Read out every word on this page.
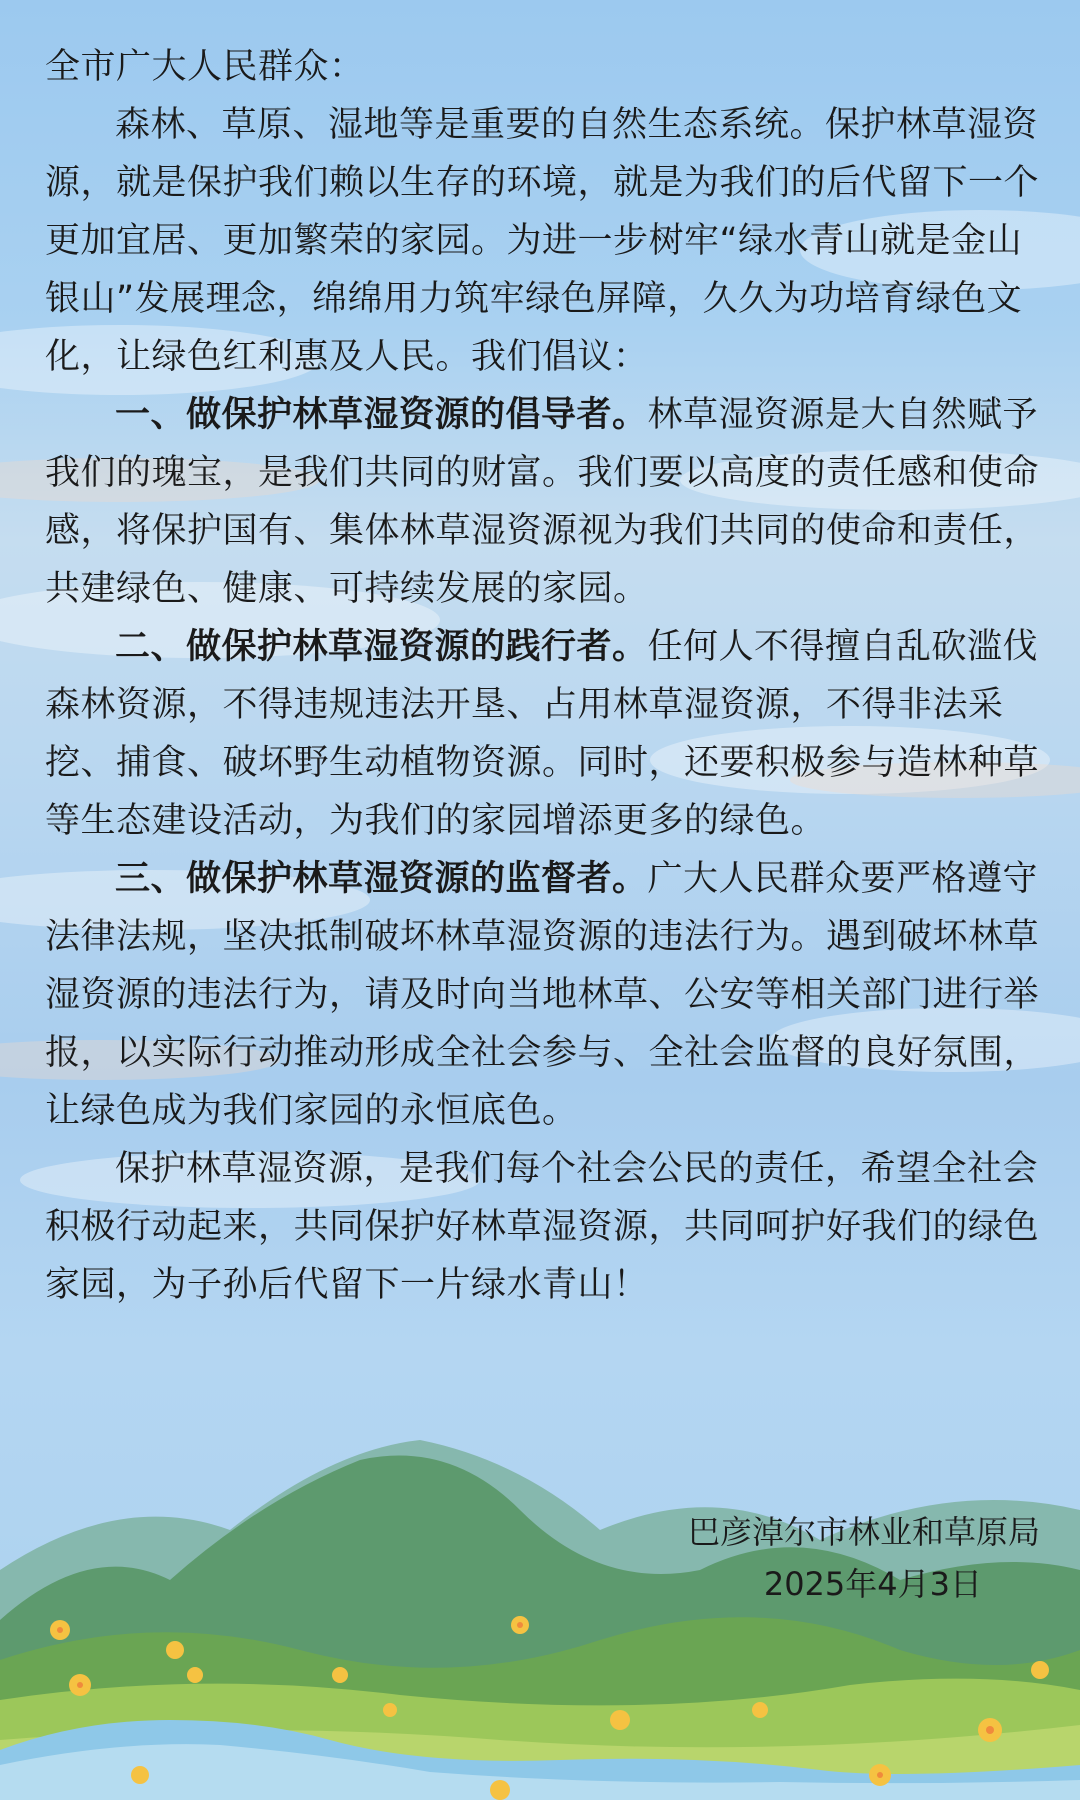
全市广大人民群众：

森林、草原、湿地等是重要的自然生态系统。保护林草湿资源，就是保护我们赖以生存的环境，就是为我们的后代留下一个更加宜居、更加繁荣的家园。为进一步树牢“绿水青山就是金山银山”发展理念，绵绵用力筑牢绿色屏障，久久为功培育绿色文化，让绿色红利惠及人民。我们倡议：

一、做保护林草湿资源的倡导者。林草湿资源是大自然赋予我们的瑰宝，是我们共同的财富。我们要以高度的责任感和使命感，将保护国有、集体林草湿资源视为我们共同的使命和责任，共建绿色、健康、可持续发展的家园。

二、做保护林草湿资源的践行者。任何人不得擅自乱砍滥伐森林资源，不得违规违法开垦、占用林草湿资源，不得非法采挖、捕食、破坏野生动植物资源。同时，还要积极参与造林种草等生态建设活动，为我们的家园增添更多的绿色。

三、做保护林草湿资源的监督者。广大人民群众要严格遵守法律法规，坚决抵制破坏林草湿资源的违法行为。遇到破坏林草湿资源的违法行为，请及时向当地林草、公安等相关部门进行举报，以实际行动推动形成全社会参与、全社会监督的良好氛围，让绿色成为我们家园的永恒底色。

保护林草湿资源，是我们每个社会公民的责任，希望全社会积极行动起来，共同保护好林草湿资源，共同呵护好我们的绿色家园，为子孙后代留下一片绿水青山！

巴彦淖尔市林业和草原局
2025年4月3日
